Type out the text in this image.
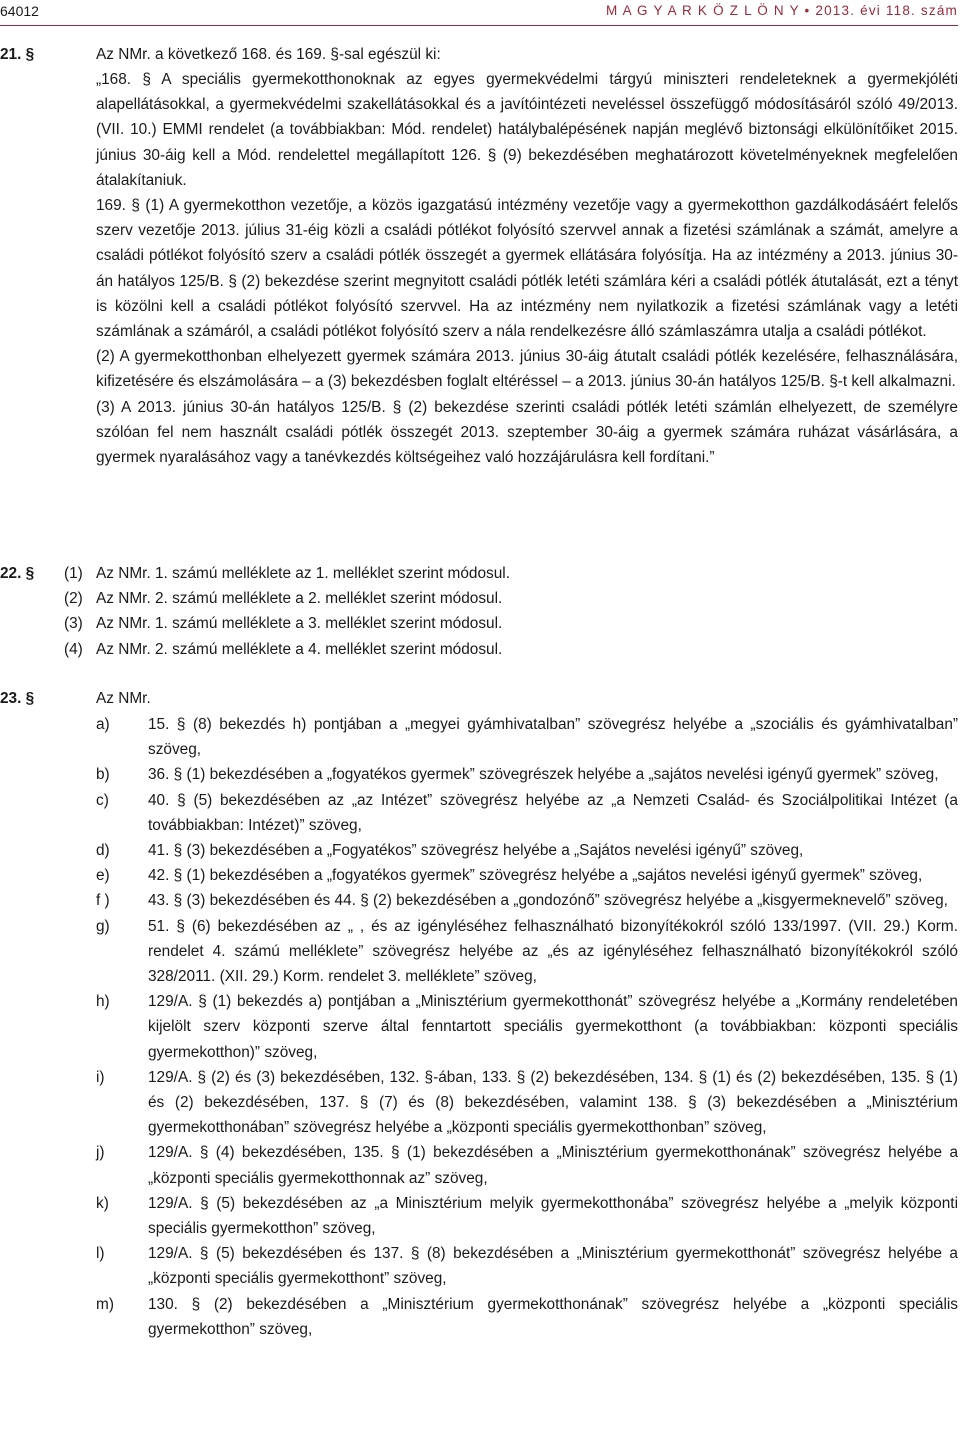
64012	M A G Y A R K Ö Z L Ö N Y • 2013. évi 118. szám
21. §	Az NMr. a következő 168. és 169. §-sal egészül ki:

„168. § A speciális gyermekotthonoknak az egyes gyermekvédelmi tárgyú miniszteri rendeleteknek a gyermekjóléti alapellátásokkal, a gyermekvédelmi szakellátásokkal és a javítóintézeti neveléssel összefüggő módosításáról szóló 49/2013. (VII. 10.) EMMI rendelet (a továbbiakban: Mód. rendelet) hatálybalépésének napján meglévő biztonsági elkülönítőiket 2015. június 30-áig kell a Mód. rendelettel megállapított 126. § (9) bekezdésében meghatározott követelményeknek megfelelően átalakítaniuk.

169. § (1) A gyermekotthon vezetője, a közös igazgatású intézmény vezetője vagy a gyermekotthon gazdálkodásáért felelős szerv vezetője 2013. július 31-éig közli a családi pótlékot folyósító szervvel annak a fizetési számlának a számát, amelyre a családi pótlékot folyósító szerv a családi pótlék összegét a gyermek ellátására folyósítja. Ha az intézmény a 2013. június 30-án hatályos 125/B. § (2) bekezdése szerint megnyitott családi pótlék letéti számlára kéri a családi pótlék átutalását, ezt a tényt is közölni kell a családi pótlékot folyósító szervvel. Ha az intézmény nem nyilatkozik a fizetési számlának vagy a letéti számlának a számáról, a családi pótlékot folyósító szerv a nála rendelkezésre álló számlaszámra utalja a családi pótlékot.

(2) A gyermekotthonban elhelyezett gyermek számára 2013. június 30-áig átutalt családi pótlék kezelésére, felhasználására, kifizetésére és elszámolására – a (3) bekezdésben foglalt eltéréssel – a 2013. június 30-án hatályos 125/B. §-t kell alkalmazni.

(3) A 2013. június 30-án hatályos 125/B. § (2) bekezdése szerinti családi pótlék letéti számlán elhelyezett, de személyre szólóan fel nem használt családi pótlék összegét 2013. szeptember 30-áig a gyermek számára ruházat vásárlására, a gyermek nyaralásához vagy a tanévkezdés költségeihez való hozzájárulásra kell fordítani.”

22. § (1) Az NMr. 1. számú melléklete az 1. melléklet szerint módosul.
(2) Az NMr. 2. számú melléklete a 2. melléklet szerint módosul.
(3) Az NMr. 1. számú melléklete a 3. melléklet szerint módosul.
(4) Az NMr. 2. számú melléklete a 4. melléklet szerint módosul.
23. §	Az NMr.
a) 15. § (8) bekezdés h) pontjában a „megyei gyámhivatalban” szövegrész helyébe a „szociális és gyámhivatalban” szöveg,
b) 36. § (1) bekezdésében a „fogyatékos gyermek” szövegrészek helyébe a „sajátos nevelési igényű gyermek” szöveg,
c)	40. § (5) bekezdésében az „az Intézet” szövegrész helyébe az „a Nemzeti Család- és Szociálpolitikai Intézet (a továbbiakban: Intézet)” szöveg,
d) 41. § (3) bekezdésében a „Fogyatékos” szövegrész helyébe a „Sajátos nevelési igényű” szöveg,
e) 42. § (1) bekezdésében a „fogyatékos gyermek” szövegrész helyébe a „sajátos nevelési igényű gyermek” szöveg,
f ) 43. § (3) bekezdésében és 44. § (2) bekezdésében a „gondozónő” szövegrész helyébe a „kisgyermeknevelő” szöveg,
g) 51. § (6) bekezdésében az „ , és az igényléséhez felhasználható bizonyítékokról szóló 133/1997. (VII. 29.) Korm. rendelet 4. számú melléklete” szövegrész helyébe az „és az igényléséhez felhasználható bizonyítékokról szóló 328/2011. (XII. 29.) Korm. rendelet 3. melléklete” szöveg,
h) 129/A. § (1) bekezdés a) pontjában a „Minisztérium gyermekotthonát” szövegrész helyébe a „Kormány rendeletében kijelölt szerv központi szerve által fenntartott speciális gyermekotthont (a továbbiakban: központi speciális gyermekotthon)” szöveg,
i)	129/A. § (2) és (3) bekezdésében, 132. §-ában, 133. § (2) bekezdésében, 134. § (1) és (2) bekezdésében, 135. § (1) és (2) bekezdésében, 137. § (7) és (8) bekezdésében, valamint 138. § (3) bekezdésében a „Minisztérium gyermekotthonában” szövegrész helyébe a „központi speciális gyermekotthonban” szöveg,
j)	129/A. § (4) bekezdésében, 135. § (1) bekezdésében a „Minisztérium gyermekotthonának” szövegrész helyébe a „központi speciális gyermekotthonnak az” szöveg,
k)	129/A. § (5) bekezdésében az „a Minisztérium melyik gyermekotthonába” szövegrész helyébe a „melyik központi speciális gyermekotthon” szöveg,
l)	129/A. § (5) bekezdésében és 137. § (8) bekezdésében a „Minisztérium gyermekotthonát” szövegrész helyébe a „központi speciális gyermekotthont” szöveg,
m) 130. § (2) bekezdésében a „Minisztérium gyermekotthonának” szövegrész helyébe a „központi speciális gyermekotthon” szöveg,
